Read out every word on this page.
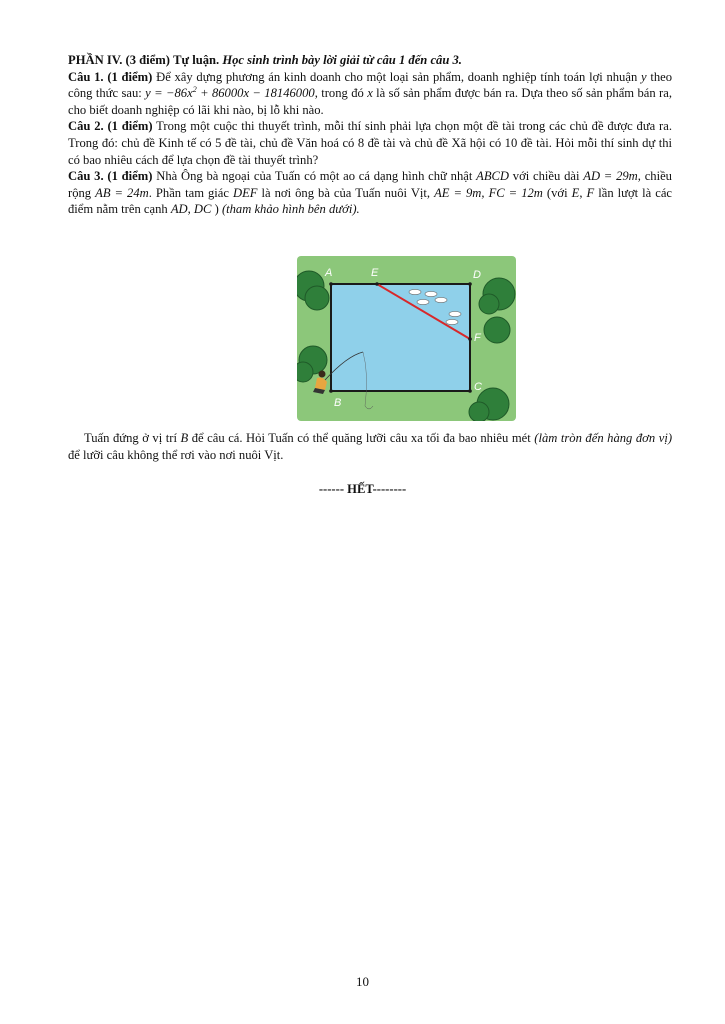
PHẦN IV. (3 điểm) Tự luận. Học sinh trình bày lời giải từ câu 1 đến câu 3.

Câu 1. (1 điểm) Để xây dựng phương án kinh doanh cho một loại sản phẩm, doanh nghiệp tính toán lợi nhuận y theo công thức sau: $y = -86x^2 + 86000x - 18146000$, trong đó x là số sản phẩm được bán ra. Dựa theo số sản phẩm bán ra, cho biết doanh nghiệp có lãi khi nào, bị lỗ khi nào.

Câu 2. (1 điểm) Trong một cuộc thi thuyết trình, mỗi thí sinh phải lựa chọn một đề tài trong các chủ đề được đưa ra. Trong đó: chủ đề Kinh tế có 5 đề tài, chủ đề Văn hoá có 8 đề tài và chủ đề Xã hội có 10 đề tài. Hỏi mỗi thí sinh dự thi có bao nhiêu cách để lựa chọn đề tài thuyết trình?

Câu 3. (1 điểm) Nhà Ông bà ngoại của Tuấn có một ao cá dạng hình chữ nhật ABCD với chiều dài AD = 29m, chiều rộng AB = 24m. Phần tam giác DEF là nơi ông bà của Tuấn nuôi Vịt, AE = 9m, FC = 12m (với E, F lần lượt là các điểm nằm trên cạnh AD, DC ) (tham khảo hình bên dưới).

A	E	D
F
C
B
Tuấn đứng ở vị trí B để câu cá. Hỏi Tuấn có thể quăng lưỡi câu xa tối đa bao nhiêu mét (làm tròn đến hàng đơn vị) để lưỡi câu không thể rơi vào nơi nuôi Vịt.
------ HẾT--------
10
